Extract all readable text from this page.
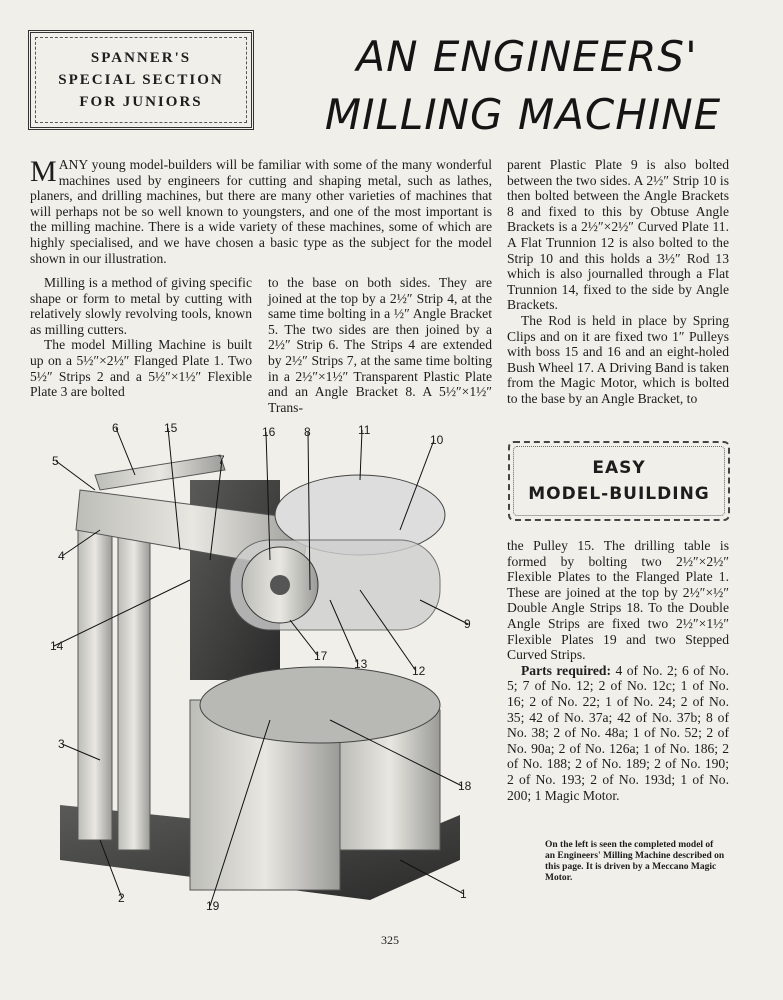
SPANNER'S
SPECIAL SECTION
FOR JUNIORS
AN ENGINEERS'
MILLING MACHINE

MANY young model-builders will be familiar with some of the many wonderful machines used by engineers for cutting and shaping metal, such as lathes, planers, and drilling machines, but there are many other varieties of machines that will perhaps not be so well known to youngsters, and one of the most important is the milling machine. There is a wide variety of these machines, some of which are highly specialised, and we have chosen a basic type as the subject for the model shown in our illustration.

Milling is a method of giving specific shape or form to metal by cutting with relatively slowly revolving tools, known as milling cutters.

The model Milling Machine is built up on a 5½″×2½″ Flanged Plate 1. Two 5½″ Strips 2 and a 5½″×1½″ Flexible Plate 3 are bolted

to the base on both sides. They are joined at the top by a 2½″ Strip 4, at the same time bolting in a ½″ Angle Bracket 5. The two sides are then joined by a 2½″ Strip 6. The Strips 4 are extended by 2½″ Strips 7, at the same time bolting in a 2½″×1½″ Transparent Plastic Plate and an Angle Bracket 8. A 5½″×1½″ Trans-

parent Plastic Plate 9 is also bolted between the two sides. A 2½″ Strip 10 is then bolted between the Angle Brackets 8 and fixed to this by Obtuse Angle Brackets is a 2½″×2½″ Curved Plate 11. A Flat Trunnion 12 is also bolted to the Strip 10 and this holds a 3½″ Rod 13 which is also journalled through a Flat Trunnion 14, fixed to the side by Angle Brackets.

The Rod is held in place by Spring Clips and on it are fixed two 1″ Pulleys with boss 15 and 16 and an eight-holed Bush Wheel 17. A Driving Band is taken from the Magic Motor, which is bolted to the base by an Angle Bracket, to

EASY
MODEL-BUILDING

the Pulley 15. The drilling table is formed by bolting two 2½″×2½″ Flexible Plates to the Flanged Plate 1. These are joined at the top by 2½″×½″ Double Angle Strips 18. To the Double Angle Strips are fixed two 2½″×1½″ Flexible Plates 19 and two Stepped Curved Strips.

Parts required: 4 of No. 2; 6 of No. 5; 7 of No. 12; 2 of No. 12c; 1 of No. 16; 2 of No. 22; 1 of No. 24; 2 of No. 35; 42 of No. 37a; 42 of No. 37b; 8 of No. 38; 2 of No. 48a; 1 of No. 52; 2 of No. 90a; 2 of No. 126a; 1 of No. 186; 2 of No. 188; 2 of No. 189; 2 of No. 190; 2 of No. 193; 2 of No. 193d; 1 of No. 200; 1 Magic Motor.

1
2
3
4
5
6
7
8
9
10
11
12
13
14
15	16
17
18
19
On the left is seen the completed model of an Engineers' Milling Machine described on this page. It is driven by a Meccano Magic Motor.
325
